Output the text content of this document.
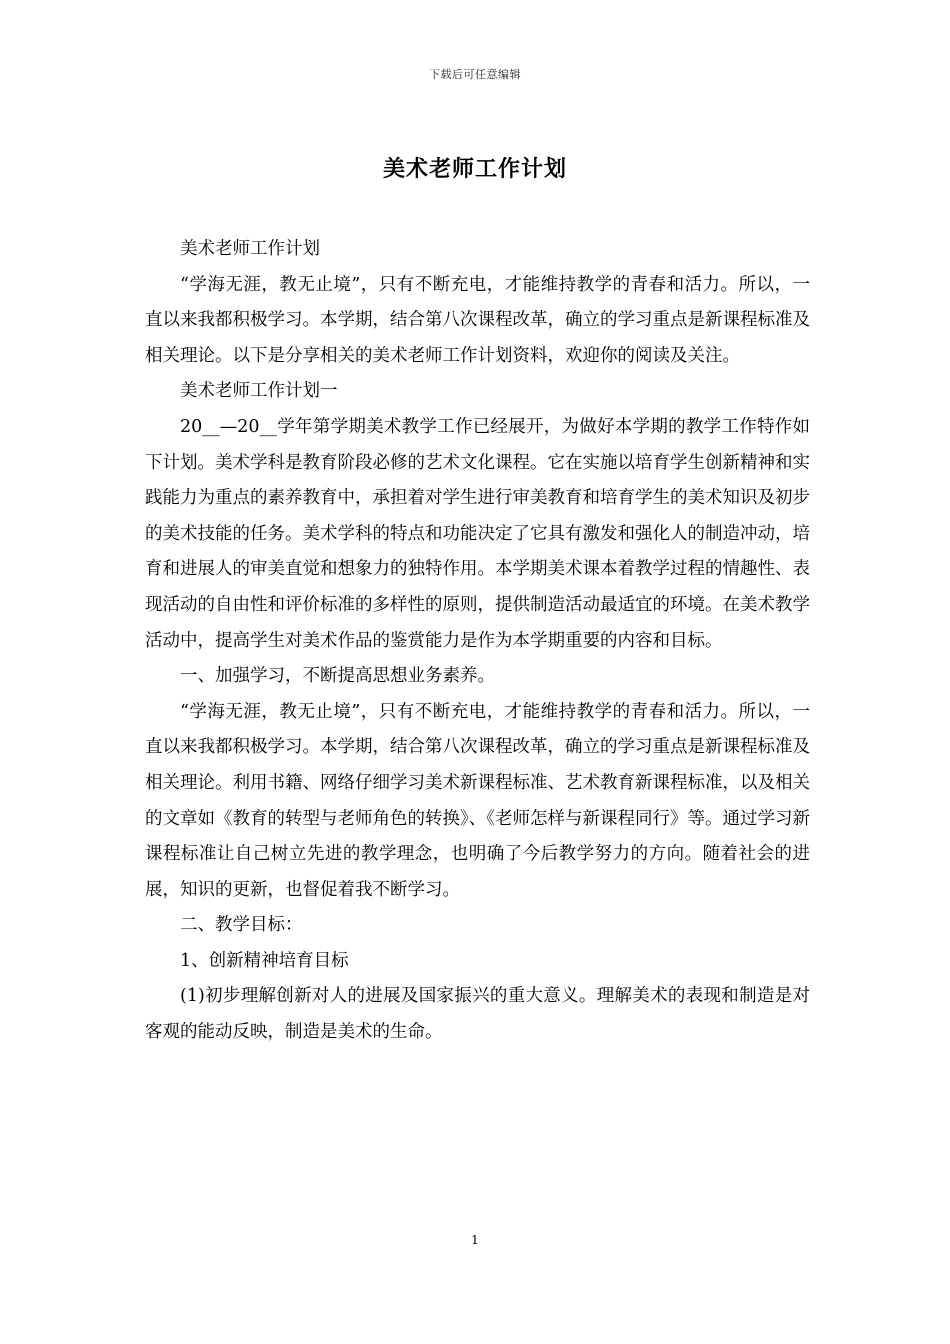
下载后可任意编辑
美术老师工作计划

美术老师工作计划

“学海无涯，教无止境”，只有不断充电，才能维持教学的青春和活力。所以，一直以来我都积极学习。本学期，结合第八次课程改革，确立的学习重点是新课程标准及相关理论。以下是分享相关的美术老师工作计划资料，欢迎你的阅读及关注。

美术老师工作计划一

20__—20__学年第学期美术教学工作已经展开，为做好本学期的教学工作特作如下计划。美术学科是教育阶段必修的艺术文化课程。它在实施以培育学生创新精神和实践能力为重点的素养教育中，承担着对学生进行审美教育和培育学生的美术知识及初步的美术技能的任务。美术学科的特点和功能决定了它具有激发和强化人的制造冲动，培育和进展人的审美直觉和想象力的独特作用。本学期美术课本着教学过程的情趣性、表现活动的自由性和评价标准的多样性的原则，提供制造活动最适宜的环境。在美术教学活动中，提高学生对美术作品的鉴赏能力是作为本学期重要的内容和目标。

一、加强学习，不断提高思想业务素养。

“学海无涯，教无止境”，只有不断充电，才能维持教学的青春和活力。所以，一直以来我都积极学习。本学期，结合第八次课程改革，确立的学习重点是新课程标准及相关理论。利用书籍、网络仔细学习美术新课程标准、艺术教育新课程标准，以及相关的文章如《教育的转型与老师角色的转换》、《老师怎样与新课程同行》等。通过学习新课程标准让自己树立先进的教学理念，也明确了今后教学努力的方向。随着社会的进展，知识的更新，也督促着我不断学习。

二、教学目标：

1、创新精神培育目标

(1)初步理解创新对人的进展及国家振兴的重大意义。理解美术的表现和制造是对客观的能动反映，制造是美术的生命。

1
